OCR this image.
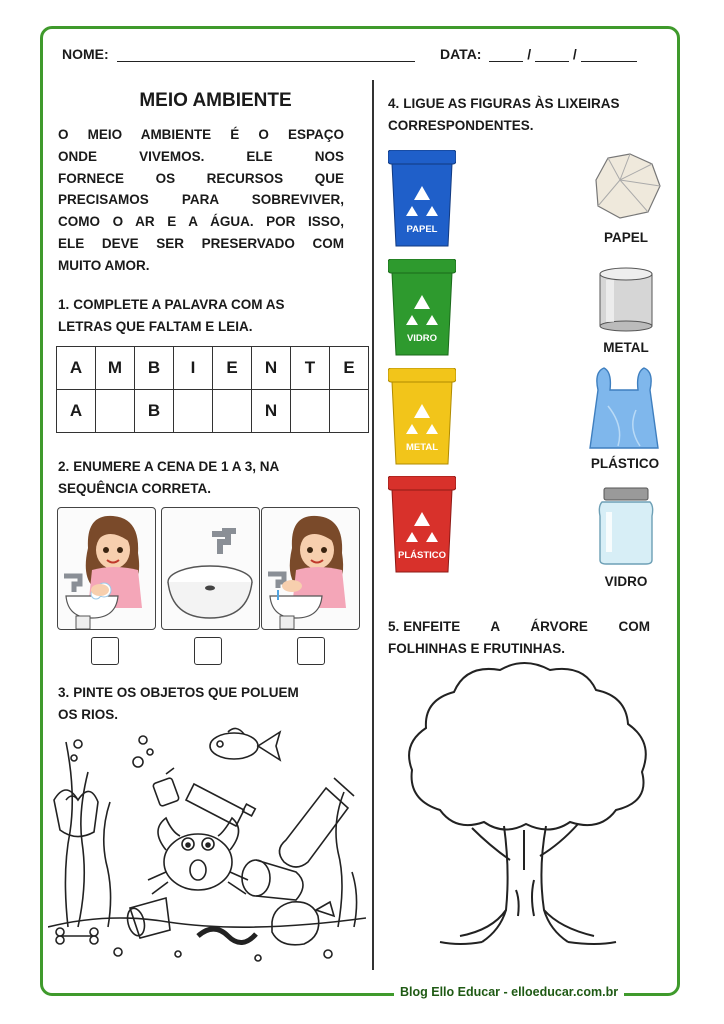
Blog Ello Educar - elloeducar.com.br
NOME:	DATA:	/	/
MEIO AMBIENTE
O MEIO AMBIENTE É O ESPAÇO
ONDE VIVEMOS. ELE NOS
FORNECE OS RECURSOS QUE
PRECISAMOS PARA SOBREVIVER,
COMO O AR E A ÁGUA. POR ISSO,
ELE DEVE SER PRESERVADO COM
MUITO AMOR.
1. COMPLETE A PALAVRA COM AS
LETRAS QUE FALTAM E LEIA.
A	M	B	I	E	N	T	E
A		B			N		
2. ENUMERE A CENA DE 1 A 3, NA
SEQUÊNCIA CORRETA.
3. PINTE OS OBJETOS QUE POLUEM
OS RIOS.
4. LIGUE AS FIGURAS ÀS LIXEIRAS
CORRESPONDENTES.
PAPEL
VIDRO
METAL
PLÁSTICO
PAPEL
METAL
PLÁSTICO
VIDRO
5. ENFEITE A ÁRVORE COM
FOLHINHAS E FRUTINHAS.
